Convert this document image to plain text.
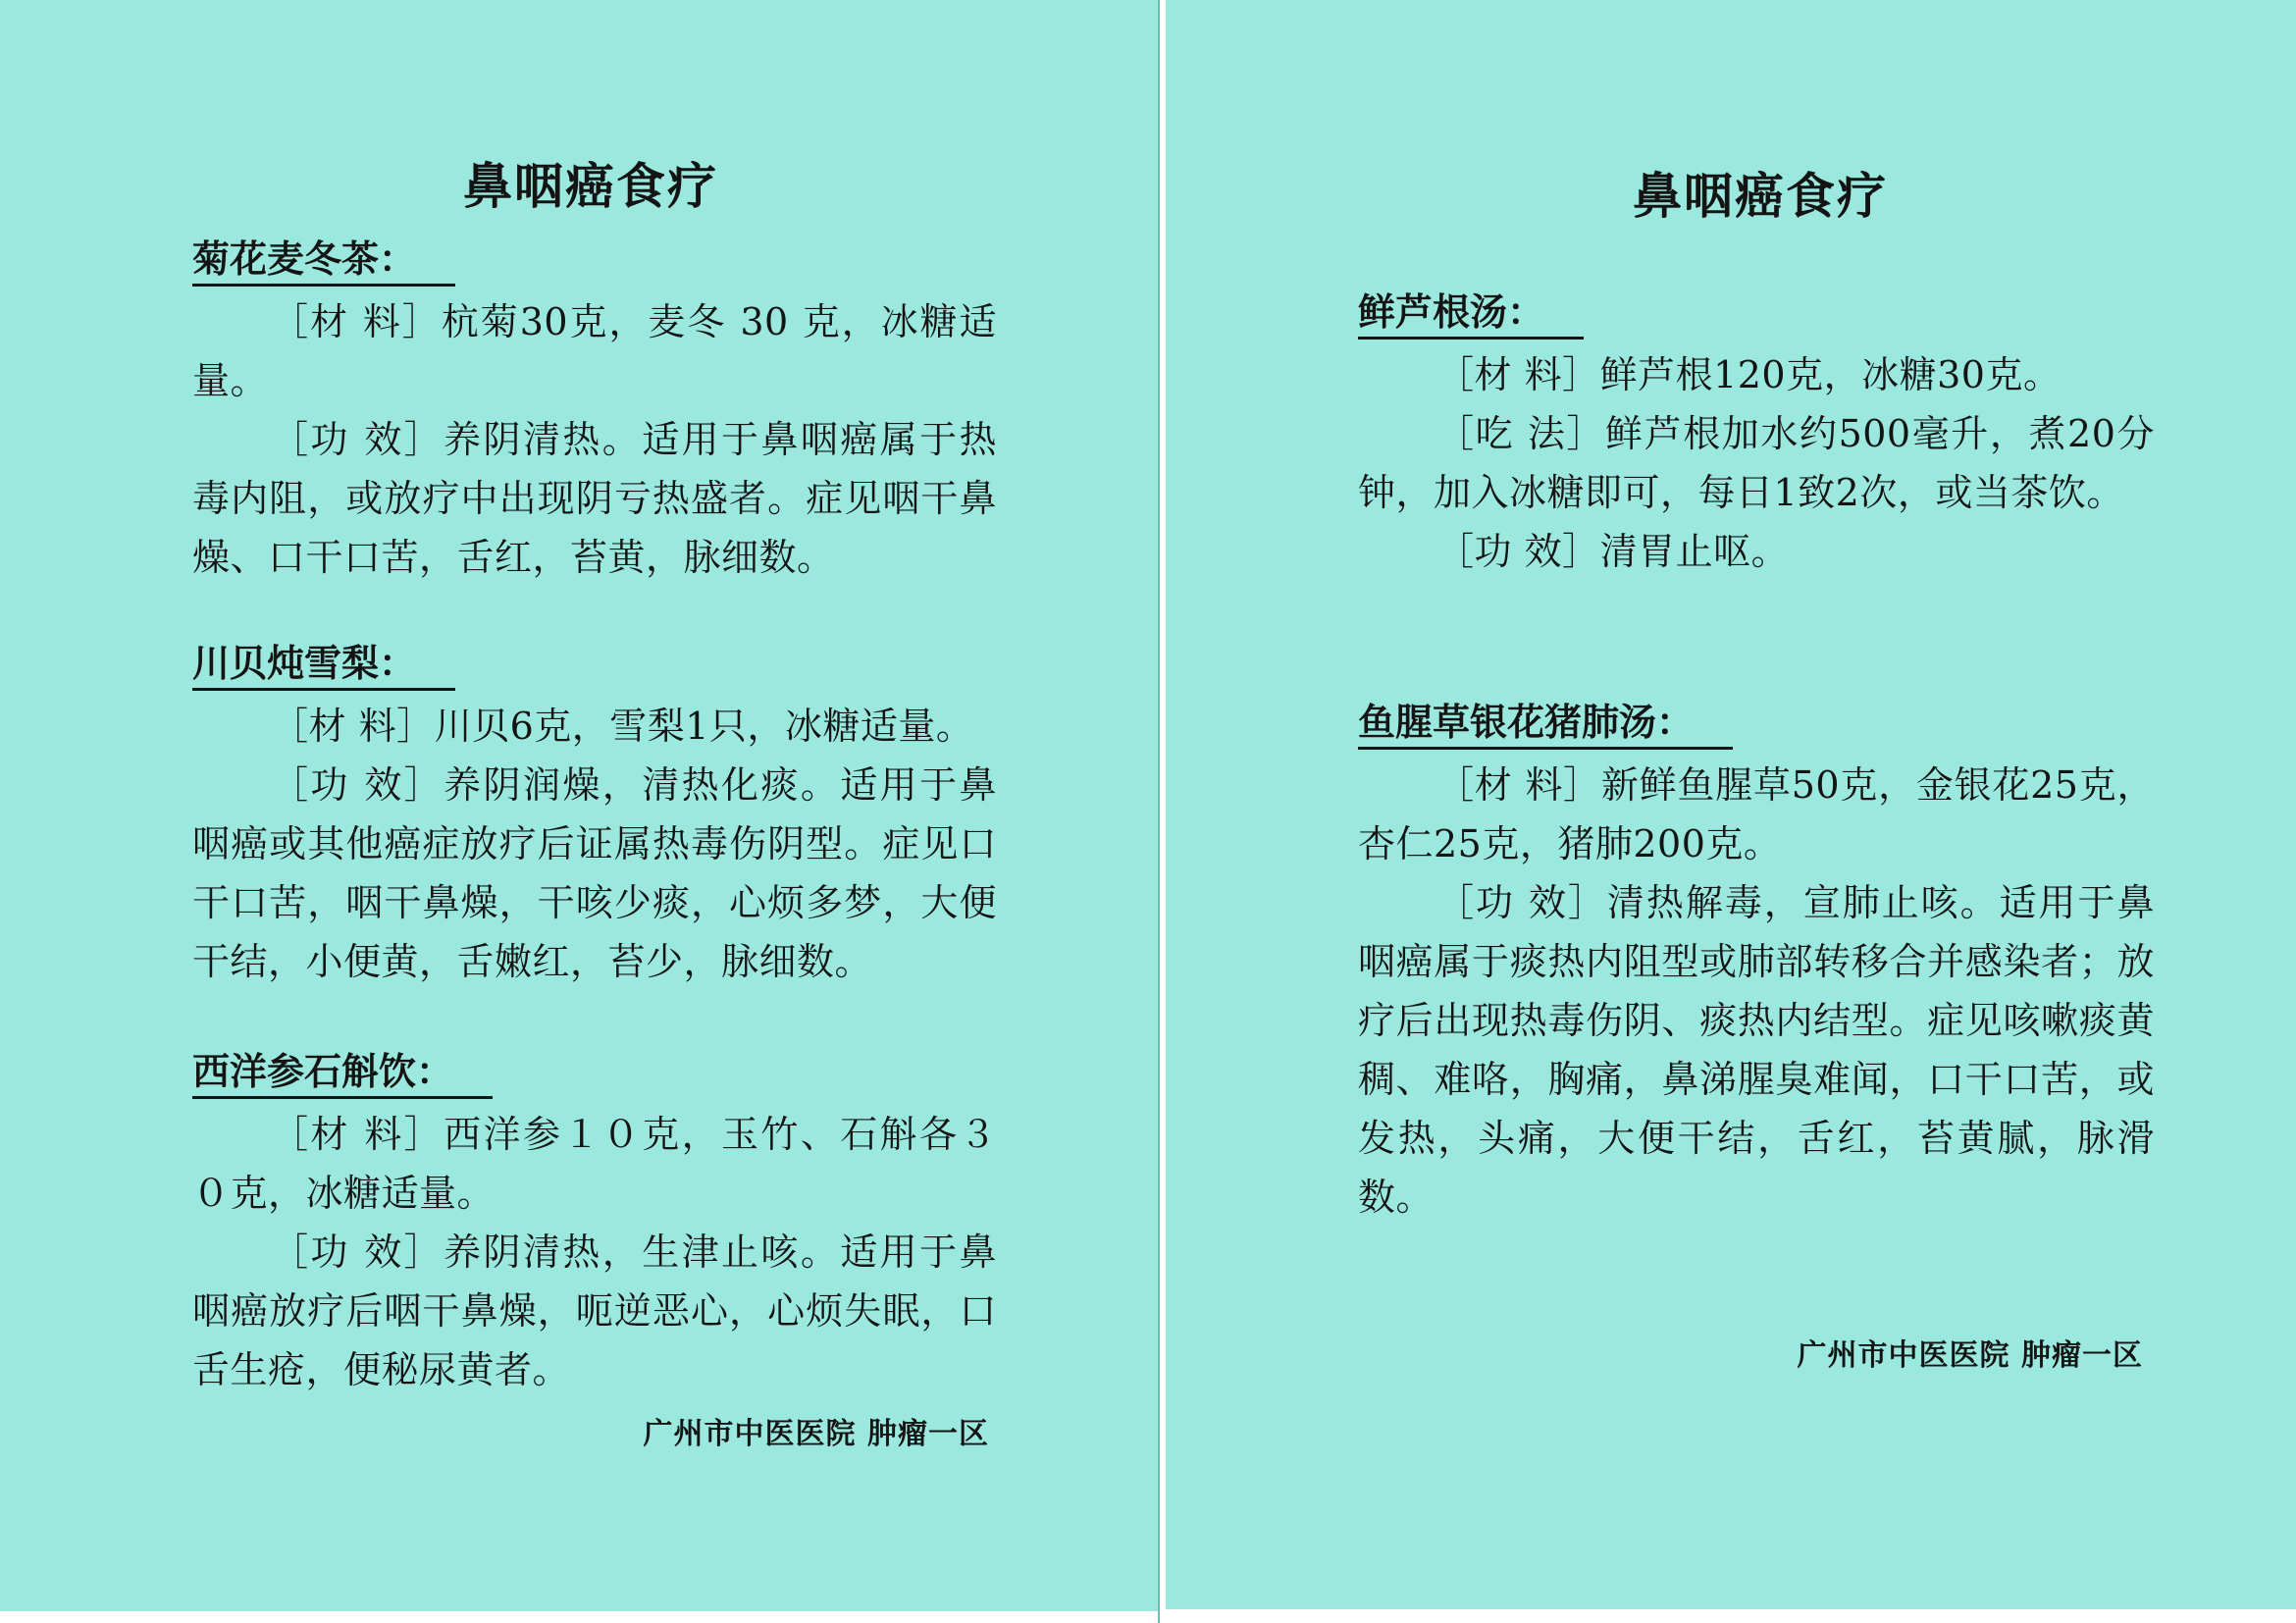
鼻咽癌食疗
菊花麦冬茶：

［材 料］杭菊30克，麦冬 30 克，冰糖适量。

［功 效］养阴清热。适用于鼻咽癌属于热毒内阻，或放疗中出现阴亏热盛者。症见咽干鼻燥、口干口苦，舌红，苔黄，脉细数。

川贝炖雪梨：

［材 料］川贝6克，雪梨1只，冰糖适量。

［功 效］养阴润燥，清热化痰。适用于鼻咽癌或其他癌症放疗后证属热毒伤阴型。症见口干口苦，咽干鼻燥，干咳少痰，心烦多梦，大便干结，小便黄，舌嫩红，苔少，脉细数。

西洋参石斛饮：

［材 料］西洋参１０克，玉竹、石斛各３０克，冰糖适量。

［功 效］养阴清热，生津止咳。适用于鼻咽癌放疗后咽干鼻燥，呃逆恶心，心烦失眠，口舌生疮，便秘尿黄者。

广州市中医医院 肿瘤一区
鼻咽癌食疗
鲜芦根汤：

［材 料］鲜芦根120克，冰糖30克。

［吃 法］鲜芦根加水约500毫升，煮20分钟，加入冰糖即可，每日1致2次，或当茶饮。

［功 效］清胃止呕。

鱼腥草银花猪肺汤：

［材 料］新鲜鱼腥草50克，金银花25克，杏仁25克，猪肺200克。

［功 效］清热解毒，宣肺止咳。适用于鼻咽癌属于痰热内阻型或肺部转移合并感染者；放疗后出现热毒伤阴、痰热内结型。症见咳嗽痰黄稠、难咯，胸痛，鼻涕腥臭难闻，口干口苦，或发热，头痛，大便干结，舌红，苔黄腻，脉滑数。

广州市中医医院 肿瘤一区
